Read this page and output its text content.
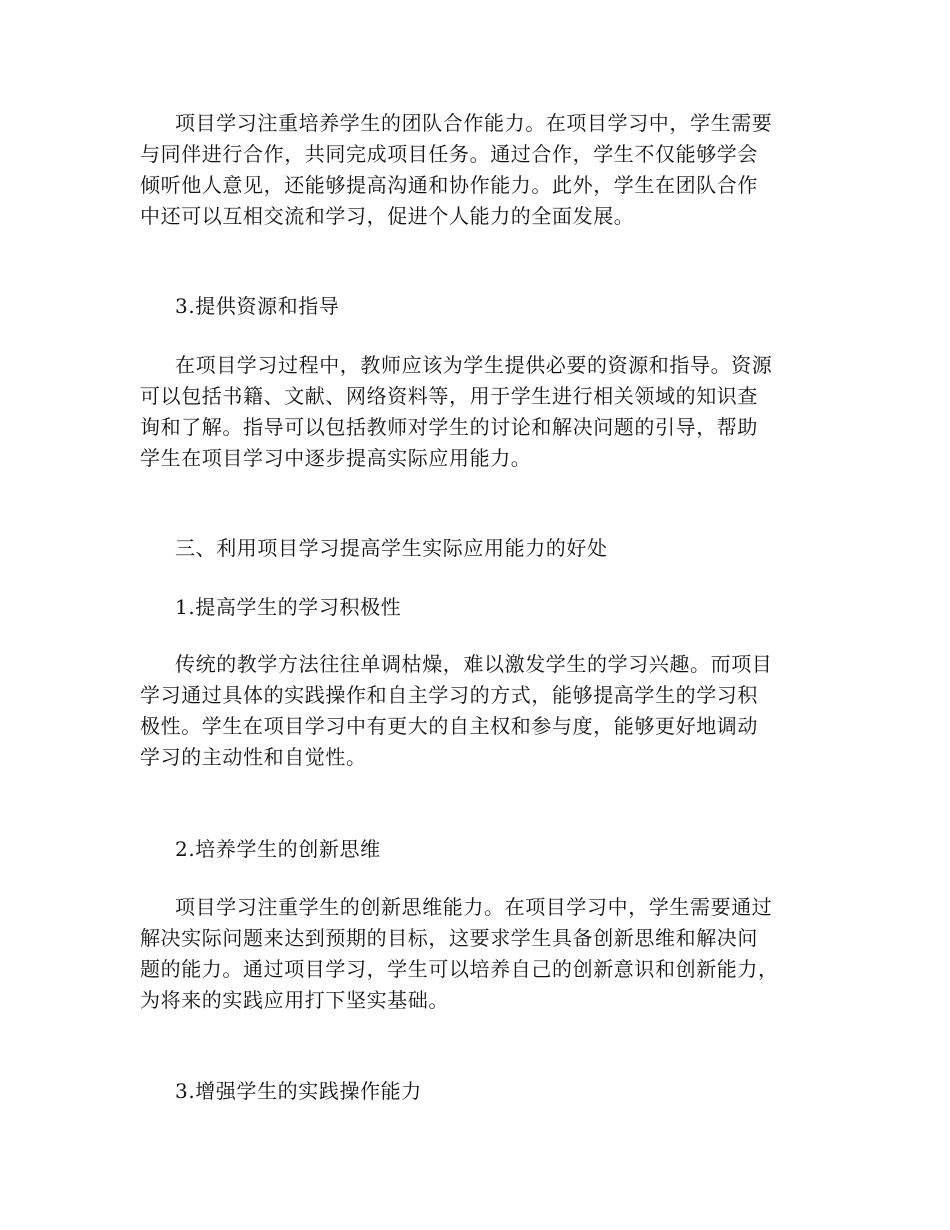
项目学习注重培养学生的团队合作能力。在项目学习中，学生需要
与同伴进行合作，共同完成项目任务。通过合作，学生不仅能够学会
倾听他人意见，还能够提高沟通和协作能力。此外，学生在团队合作
中还可以互相交流和学习，促进个人能力的全面发展。
3.提供资源和指导
在项目学习过程中，教师应该为学生提供必要的资源和指导。资源
可以包括书籍、文献、网络资料等，用于学生进行相关领域的知识查
询和了解。指导可以包括教师对学生的讨论和解决问题的引导，帮助
学生在项目学习中逐步提高实际应用能力。
三、利用项目学习提高学生实际应用能力的好处
1.提高学生的学习积极性
传统的教学方法往往单调枯燥，难以激发学生的学习兴趣。而项目
学习通过具体的实践操作和自主学习的方式，能够提高学生的学习积
极性。学生在项目学习中有更大的自主权和参与度，能够更好地调动
学习的主动性和自觉性。
2.培养学生的创新思维
项目学习注重学生的创新思维能力。在项目学习中，学生需要通过
解决实际问题来达到预期的目标，这要求学生具备创新思维和解决问
题的能力。通过项目学习，学生可以培养自己的创新意识和创新能力，
为将来的实践应用打下坚实基础。
3.增强学生的实践操作能力
